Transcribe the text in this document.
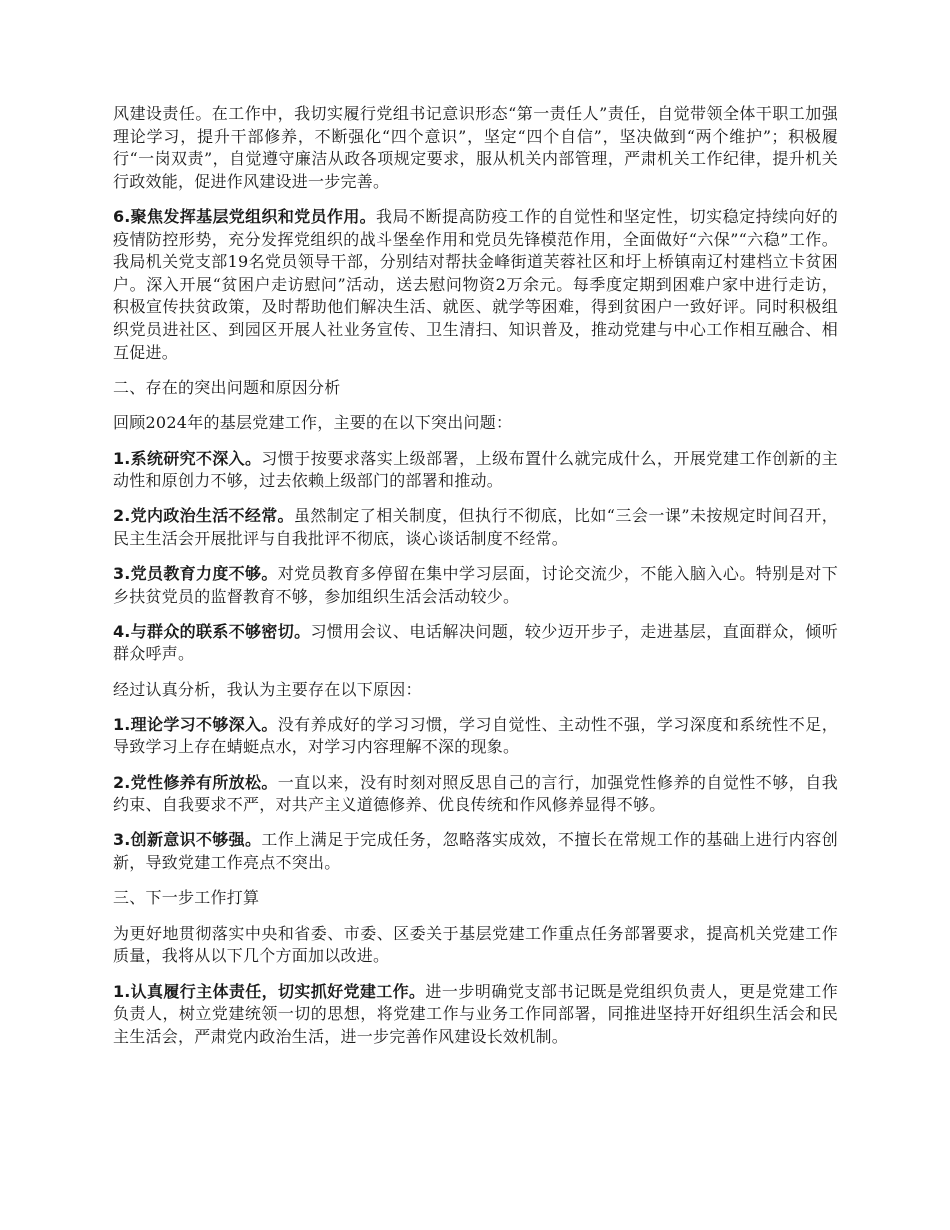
风建设责任。在工作中，我切实履行党组书记意识形态“第一责任人”责任，自觉带领全体干职工加强理论学习，提升干部修养，不断强化“四个意识”，坚定“四个自信”，坚决做到“两个维护”；积极履行“一岗双责”，自觉遵守廉洁从政各项规定要求，服从机关内部管理，严肃机关工作纪律，提升机关行政效能，促进作风建设进一步完善。

6.聚焦发挥基层党组织和党员作用。我局不断提高防疫工作的自觉性和坚定性，切实稳定持续向好的疫情防控形势，充分发挥党组织的战斗堡垒作用和党员先锋模范作用，全面做好“六保”“六稳”工作。我局机关党支部19名党员领导干部，分别结对帮扶金峰街道芙蓉社区和圩上桥镇南辽村建档立卡贫困户。深入开展“贫困户走访慰问”活动，送去慰问物资2万余元。每季度定期到困难户家中进行走访，积极宣传扶贫政策，及时帮助他们解决生活、就医、就学等困难，得到贫困户一致好评。同时积极组织党员进社区、到园区开展人社业务宣传、卫生清扫、知识普及，推动党建与中心工作相互融合、相互促进。

二、存在的突出问题和原因分析

回顾2024年的基层党建工作，主要的在以下突出问题：

1.系统研究不深入。习惯于按要求落实上级部署，上级布置什么就完成什么，开展党建工作创新的主动性和原创力不够，过去依赖上级部门的部署和推动。

2.党内政治生活不经常。虽然制定了相关制度，但执行不彻底，比如“三会一课”未按规定时间召开，民主生活会开展批评与自我批评不彻底，谈心谈话制度不经常。

3.党员教育力度不够。对党员教育多停留在集中学习层面，讨论交流少，不能入脑入心。特别是对下乡扶贫党员的监督教育不够，参加组织生活会活动较少。

4.与群众的联系不够密切。习惯用会议、电话解决问题，较少迈开步子，走进基层，直面群众，倾听群众呼声。

经过认真分析，我认为主要存在以下原因：

1.理论学习不够深入。没有养成好的学习习惯，学习自觉性、主动性不强，学习深度和系统性不足，导致学习上存在蜻蜓点水，对学习内容理解不深的现象。

2.党性修养有所放松。一直以来，没有时刻对照反思自己的言行，加强党性修养的自觉性不够，自我约束、自我要求不严，对共产主义道德修养、优良传统和作风修养显得不够。

3.创新意识不够强。工作上满足于完成任务，忽略落实成效，不擅长在常规工作的基础上进行内容创新，导致党建工作亮点不突出。

三、下一步工作打算

为更好地贯彻落实中央和省委、市委、区委关于基层党建工作重点任务部署要求，提高机关党建工作质量，我将从以下几个方面加以改进。

1.认真履行主体责任，切实抓好党建工作。进一步明确党支部书记既是党组织负责人，更是党建工作负责人，树立党建统领一切的思想，将党建工作与业务工作同部署，同推进坚持开好组织生活会和民主生活会，严肃党内政治生活，进一步完善作风建设长效机制。
